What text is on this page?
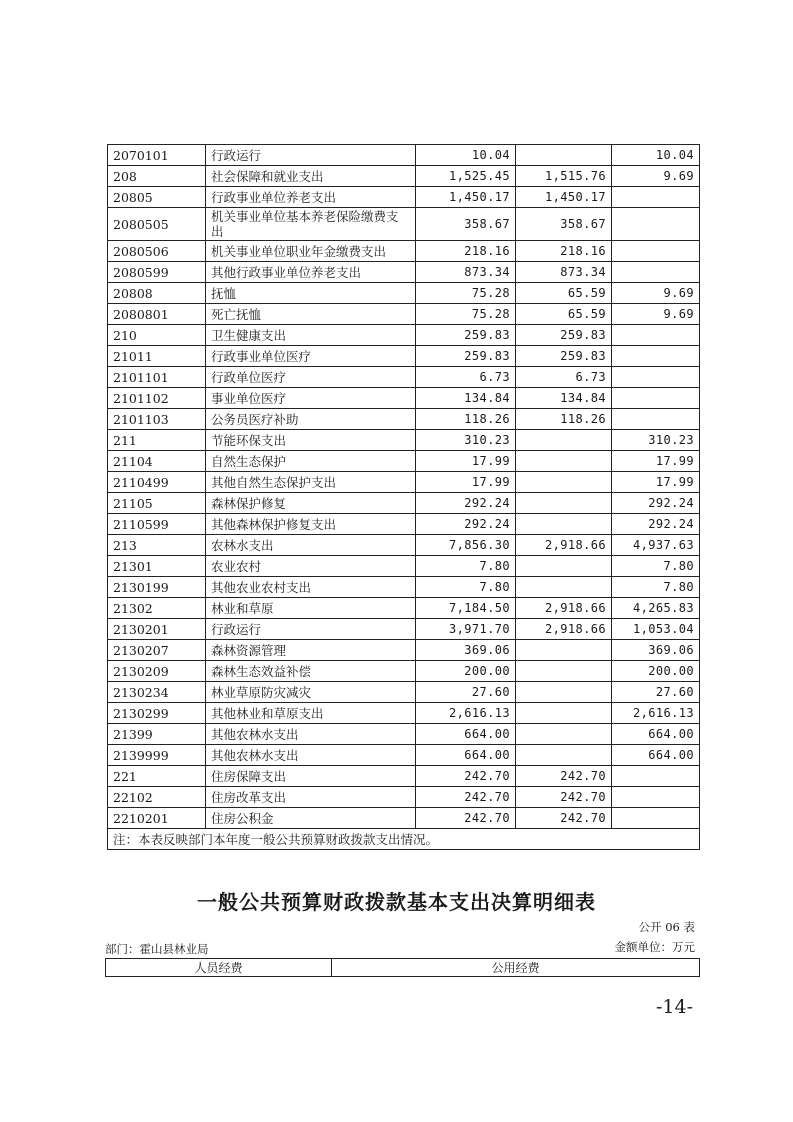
2070101	行政运行	10.04		10.04
208	社会保障和就业支出	1,525.45	1,515.76	9.69
20805	行政事业单位养老支出	1,450.17	1,450.17	
2080505	机关事业单位基本养老保险缴费支出	358.67	358.67	
2080506	机关事业单位职业年金缴费支出	218.16	218.16	
2080599	其他行政事业单位养老支出	873.34	873.34	
20808	抚恤	75.28	65.59	9.69
2080801	死亡抚恤	75.28	65.59	9.69
210	卫生健康支出	259.83	259.83	
21011	行政事业单位医疗	259.83	259.83	
2101101	行政单位医疗	6.73	6.73	
2101102	事业单位医疗	134.84	134.84	
2101103	公务员医疗补助	118.26	118.26	
211	节能环保支出	310.23		310.23
21104	自然生态保护	17.99		17.99
2110499	其他自然生态保护支出	17.99		17.99
21105	森林保护修复	292.24		292.24
2110599	其他森林保护修复支出	292.24		292.24
213	农林水支出	7,856.30	2,918.66	4,937.63
21301	农业农村	7.80		7.80
2130199	其他农业农村支出	7.80		7.80
21302	林业和草原	7,184.50	2,918.66	4,265.83
2130201	行政运行	3,971.70	2,918.66	1,053.04
2130207	森林资源管理	369.06		369.06
2130209	森林生态效益补偿	200.00		200.00
2130234	林业草原防灾减灾	27.60		27.60
2130299	其他林业和草原支出	2,616.13		2,616.13
21399	其他农林水支出	664.00		664.00
2139999	其他农林水支出	664.00		664.00
221	住房保障支出	242.70	242.70	
22102	住房改革支出	242.70	242.70	
2210201	住房公积金	242.70	242.70	
注：本表反映部门本年度一般公共预算财政拨款支出情况。				
一般公共预算财政拨款基本支出决算明细表
公开 06 表
部门：霍山县林业局	金额单位：万元
人员经费	公用经费
-14-
